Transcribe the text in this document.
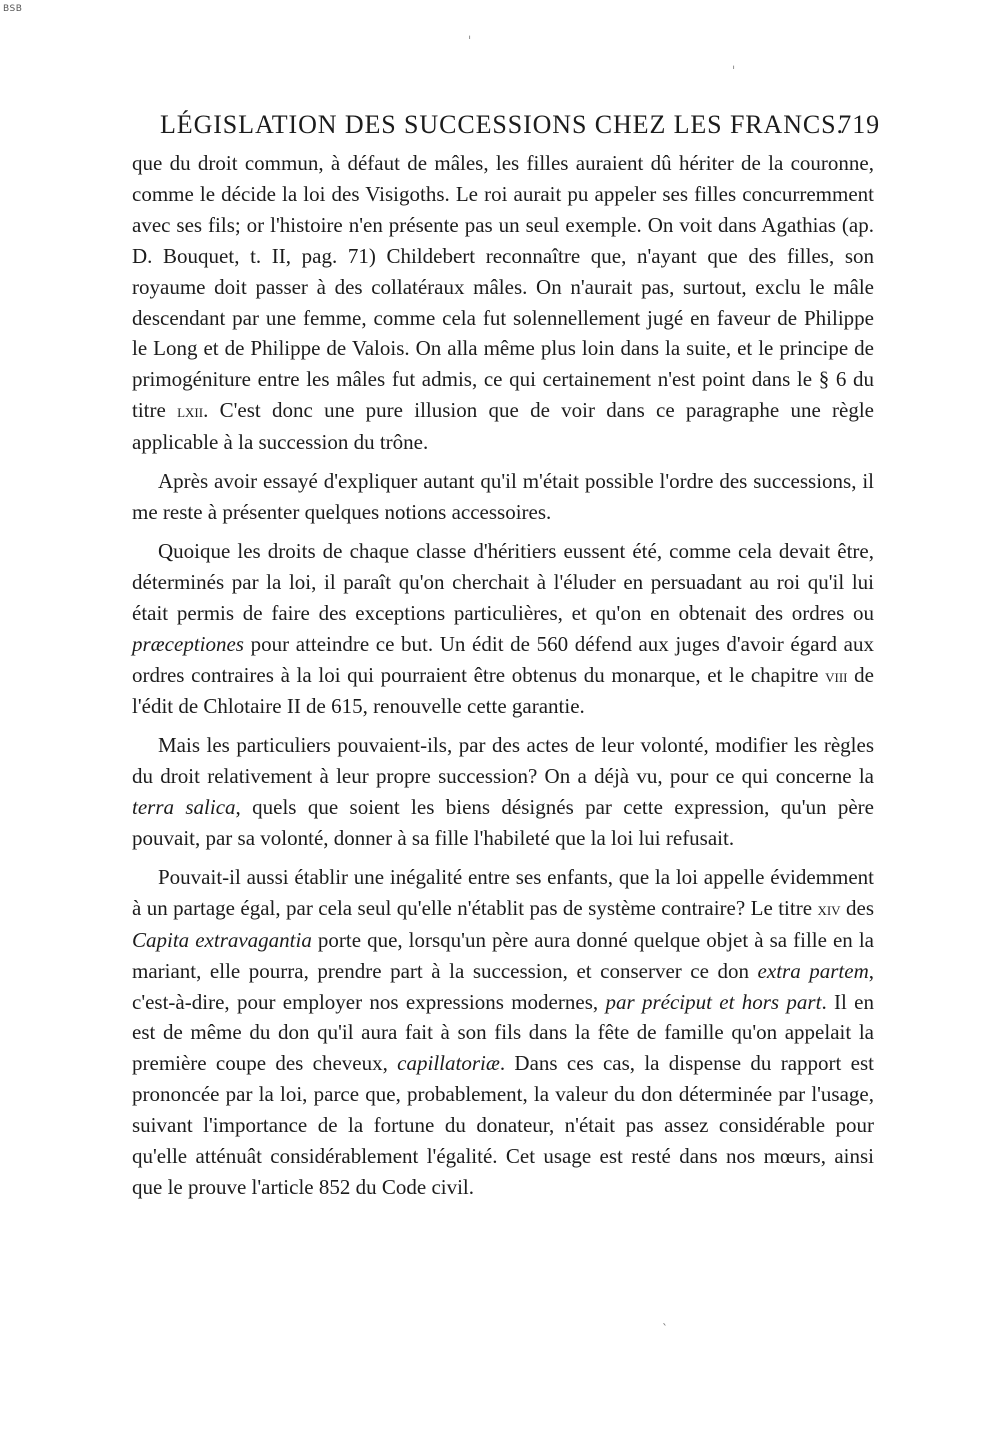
BSB
ˈ
ˌ
ˋ
LÉGISLATION DES SUCCESSIONS CHEZ LES FRANCS.
719

que du droit commun, à défaut de mâles, les filles auraient dû hériter de la couronne, comme le décide la loi des Visigoths. Le roi aurait pu appeler ses filles concurremment avec ses fils; or l'histoire n'en présente pas un seul exemple. On voit dans Agathias (ap. D. Bouquet, t. II, pag. 71) Childebert reconnaître que, n'ayant que des filles, son royaume doit passer à des collatéraux mâles. On n'aurait pas, surtout, exclu le mâle descendant par une femme, comme cela fut solennellement jugé en faveur de Philippe le Long et de Philippe de Valois. On alla même plus loin dans la suite, et le principe de primogéniture entre les mâles fut admis, ce qui certainement n'est point dans le § 6 du titre lxii. C'est donc une pure illusion que de voir dans ce paragraphe une règle applicable à la succession du trône.

Après avoir essayé d'expliquer autant qu'il m'était possible l'ordre des successions, il me reste à présenter quelques notions accessoires.

Quoique les droits de chaque classe d'héritiers eussent été, comme cela devait être, déterminés par la loi, il paraît qu'on cherchait à l'éluder en persuadant au roi qu'il lui était permis de faire des exceptions particulières, et qu'on en obtenait des ordres ou præceptiones pour atteindre ce but. Un édit de 560 défend aux juges d'avoir égard aux ordres contraires à la loi qui pourraient être obtenus du monarque, et le chapitre viii de l'édit de Chlotaire II de 615, renouvelle cette garantie.

Mais les particuliers pouvaient-ils, par des actes de leur volonté, modifier les règles du droit relativement à leur propre succession? On a déjà vu, pour ce qui concerne la terra salica, quels que soient les biens désignés par cette expression, qu'un père pouvait, par sa volonté, donner à sa fille l'habileté que la loi lui refusait.

Pouvait-il aussi établir une inégalité entre ses enfants, que la loi appelle évidemment à un partage égal, par cela seul qu'elle n'établit pas de système contraire? Le titre xiv des Capita extravagantia porte que, lorsqu'un père aura donné quelque objet à sa fille en la mariant, elle pourra, prendre part à la succession, et conserver ce don extra partem, c'est-à-dire, pour employer nos expressions modernes, par préciput et hors part. Il en est de même du don qu'il aura fait à son fils dans la fête de famille qu'on appelait la première coupe des cheveux, capillatoriæ. Dans ces cas, la dispense du rapport est prononcée par la loi, parce que, probablement, la valeur du don déterminée par l'usage, suivant l'importance de la fortune du donateur, n'était pas assez considérable pour qu'elle atténuât considérablement l'égalité. Cet usage est resté dans nos mœurs, ainsi que le prouve l'article 852 du Code civil.
